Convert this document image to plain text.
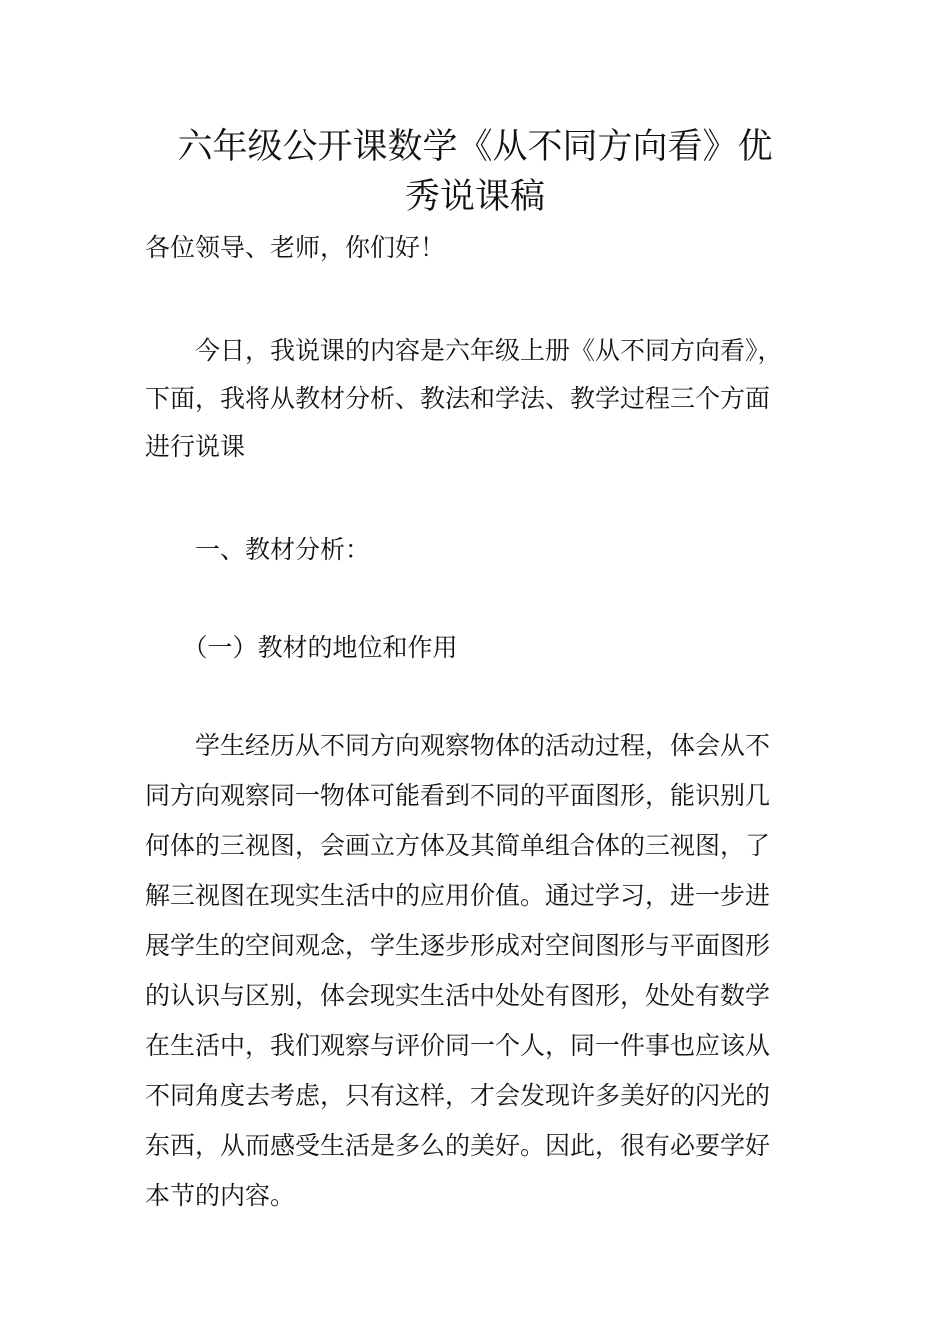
六年级公开课数学《从不同方向看》优
秀说课稿
各位领导、老师，你们好！
　　今日，我说课的内容是六年级上册《从不同方向看》，
下面，我将从教材分析、教法和学法、教学过程三个方面
进行说课
　　一、教材分析：
　　（一）教材的地位和作用
　　学生经历从不同方向观察物体的活动过程，体会从不
同方向观察同一物体可能看到不同的平面图形，能识别几
何体的三视图，会画立方体及其简单组合体的三视图，了
解三视图在现实生活中的应用价值。通过学习，进一步进
展学生的空间观念，学生逐步形成对空间图形与平面图形
的认识与区别，体会现实生活中处处有图形，处处有数学
在生活中，我们观察与评价同一个人，同一件事也应该从
不同角度去考虑，只有这样，才会发现许多美好的闪光的
东西，从而感受生活是多么的美好。因此，很有必要学好
本节的内容。
